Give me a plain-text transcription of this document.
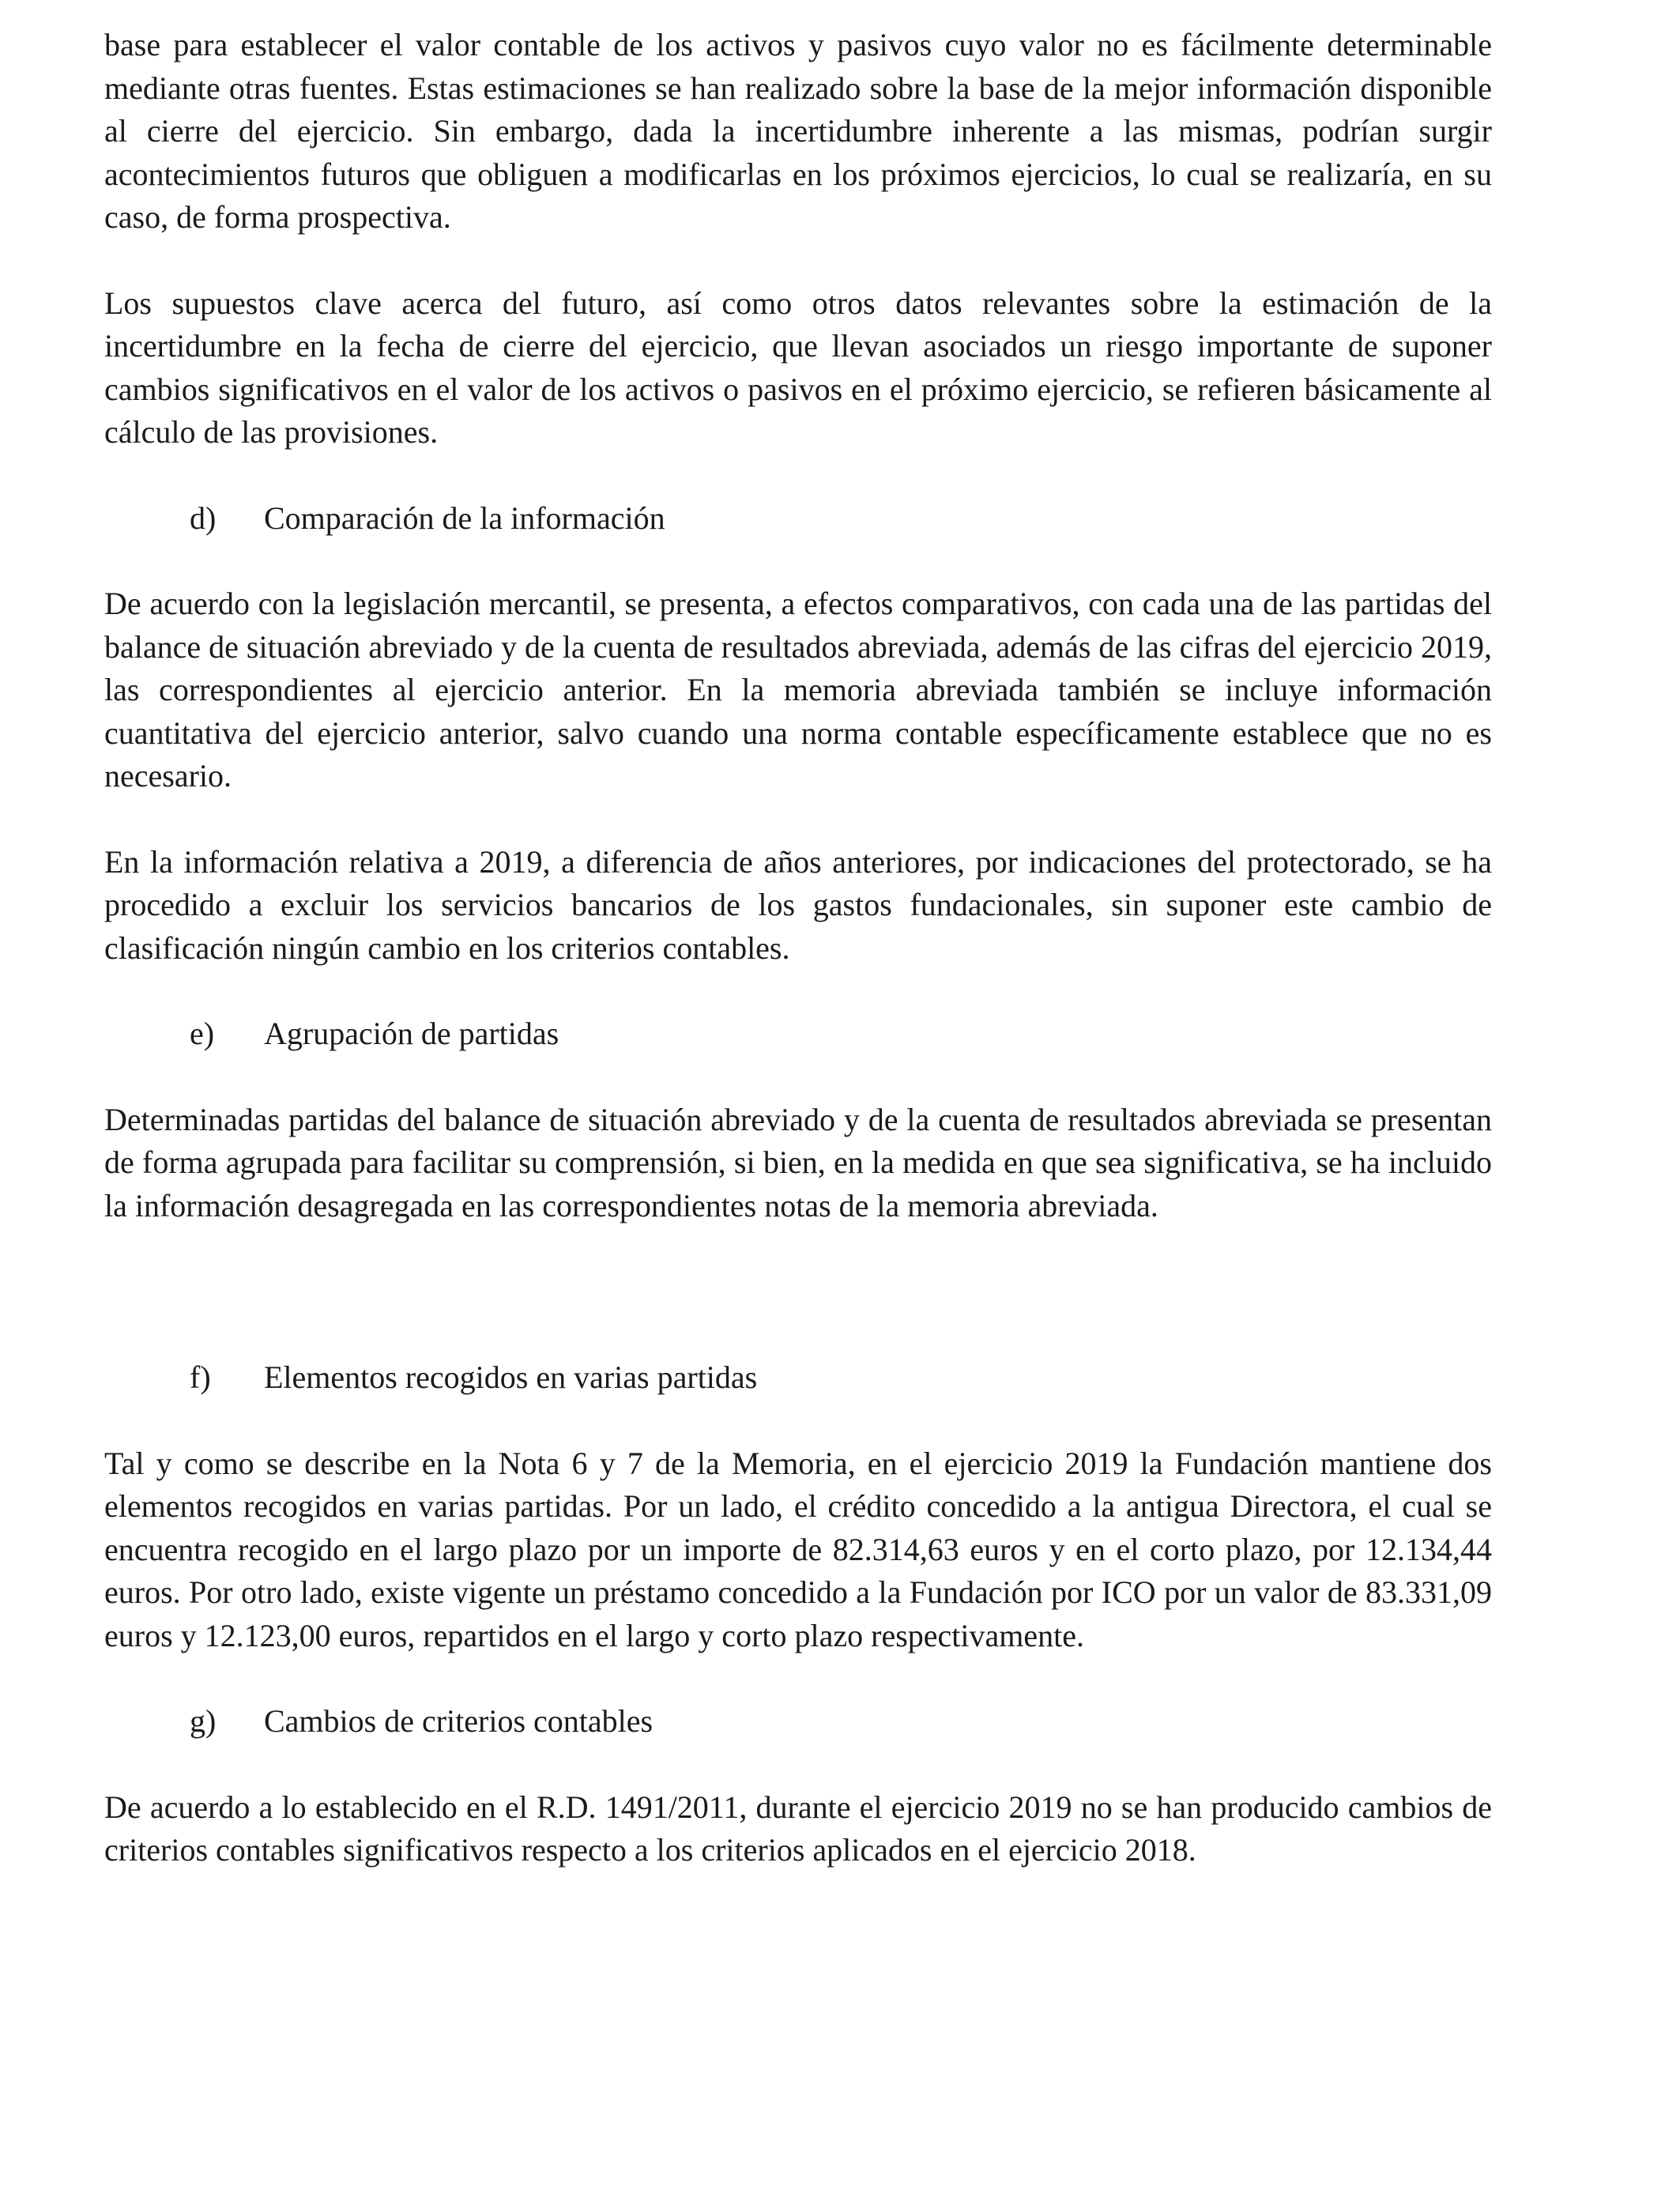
base para establecer el valor contable de los activos y pasivos cuyo valor no es fácilmente determinable mediante otras fuentes. Estas estimaciones se han realizado sobre la base de la mejor información disponible al cierre del ejercicio. Sin embargo, dada la incertidumbre inherente a las mismas, podrían surgir acontecimientos futuros que obliguen a modificarlas en los próximos ejercicios, lo cual se realizaría, en su caso, de forma prospectiva.

Los supuestos clave acerca del futuro, así como otros datos relevantes sobre la estimación de la incertidumbre en la fecha de cierre del ejercicio, que llevan asociados un riesgo importante de suponer cambios significativos en el valor de los activos o pasivos en el próximo ejercicio, se refieren básicamente al cálculo de las provisiones.

d)	Comparación de la información

De acuerdo con la legislación mercantil, se presenta, a efectos comparativos, con cada una de las partidas del balance de situación abreviado y de la cuenta de resultados abreviada, además de las cifras del ejercicio 2019, las correspondientes al ejercicio anterior. En la memoria abreviada también se incluye información cuantitativa del ejercicio anterior, salvo cuando una norma contable específicamente establece que no es necesario.

En la información relativa a 2019, a diferencia de años anteriores, por indicaciones del protectorado, se ha procedido a excluir los servicios bancarios de los gastos fundacionales, sin suponer este cambio de clasificación ningún cambio en los criterios contables.

e)	Agrupación de partidas

Determinadas partidas del balance de situación abreviado y de la cuenta de resultados abreviada se presentan de forma agrupada para facilitar su comprensión, si bien, en la medida en que sea significativa, se ha incluido la información desagregada en las correspondientes notas de la memoria abreviada.

f)	Elementos recogidos en varias partidas

Tal y como se describe en la Nota 6 y 7 de la Memoria, en el ejercicio 2019 la Fundación mantiene dos elementos recogidos en varias partidas. Por un lado, el crédito concedido a la antigua Directora, el cual se encuentra recogido en el largo plazo por un importe de 82.314,63 euros y en el corto plazo, por 12.134,44 euros. Por otro lado, existe vigente un préstamo concedido a la Fundación por ICO por un valor de 83.331,09 euros y 12.123,00 euros, repartidos en el largo y corto plazo respectivamente.

g)	Cambios de criterios contables

De acuerdo a lo establecido en el R.D. 1491/2011, durante el ejercicio 2019 no se han producido cambios de criterios contables significativos respecto a los criterios aplicados en el ejercicio 2018.
